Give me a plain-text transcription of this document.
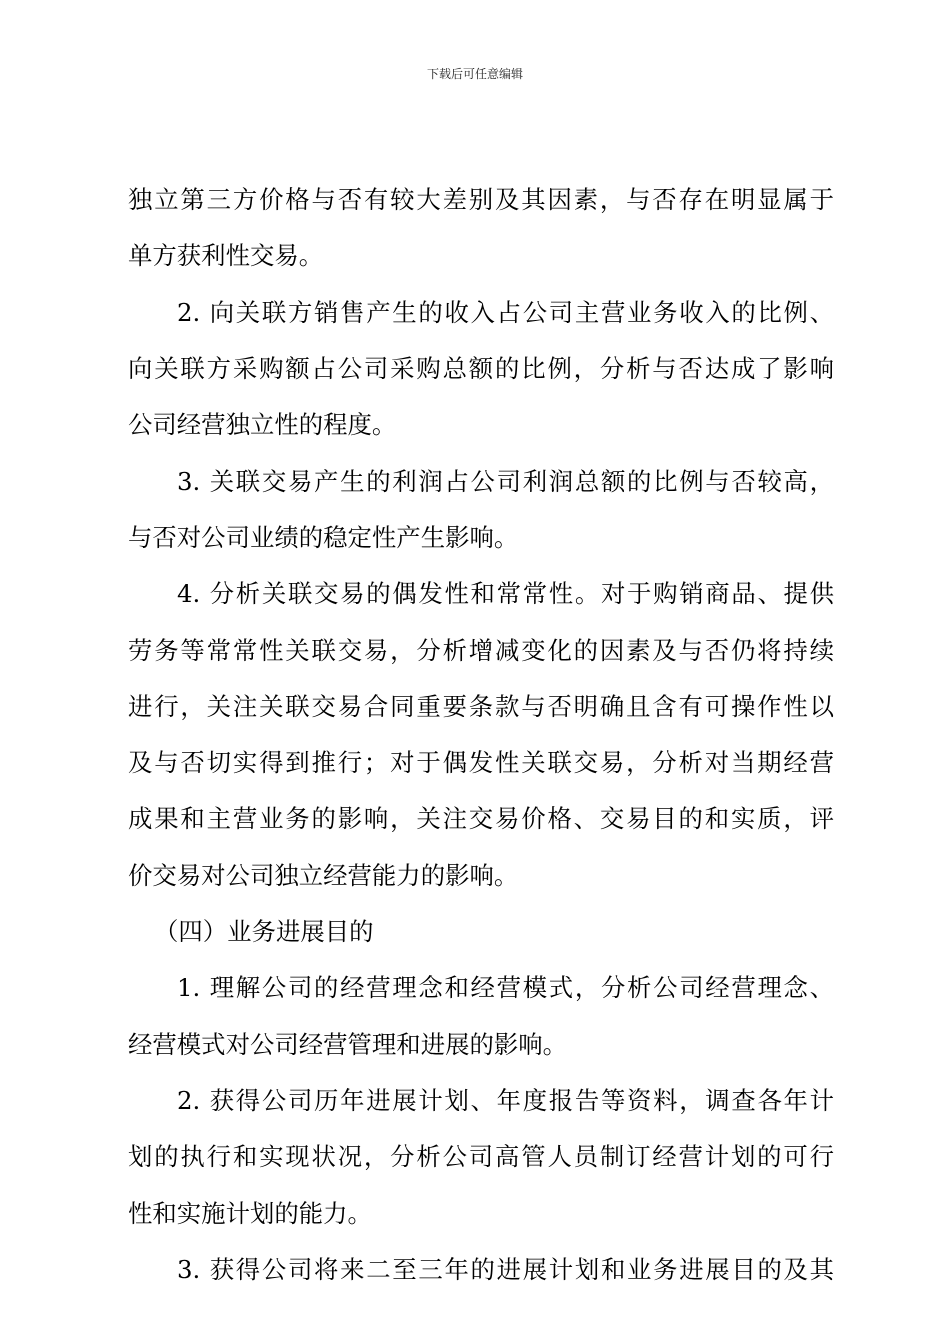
下载后可任意编辑
独立第三方价格与否有较大差别及其因素，与否存在明显属于
单方获利性交易。
2. 向关联方销售产生的收入占公司主营业务收入的比例、
向关联方采购额占公司采购总额的比例，分析与否达成了影响
公司经营独立性的程度。
3. 关联交易产生的利润占公司利润总额的比例与否较高，
与否对公司业绩的稳定性产生影响。
4. 分析关联交易的偶发性和常常性。对于购销商品、提供
劳务等常常性关联交易，分析增减变化的因素及与否仍将持续
进行，关注关联交易合同重要条款与否明确且含有可操作性以
及与否切实得到推行；对于偶发性关联交易，分析对当期经营
成果和主营业务的影响，关注交易价格、交易目的和实质，评
价交易对公司独立经营能力的影响。
（四）业务进展目的
1. 理解公司的经营理念和经营模式，分析公司经营理念、
经营模式对公司经营管理和进展的影响。
2. 获得公司历年进展计划、年度报告等资料，调查各年计
划的执行和实现状况，分析公司高管人员制订经营计划的可行
性和实施计划的能力。
3. 获得公司将来二至三年的进展计划和业务进展目的及其
